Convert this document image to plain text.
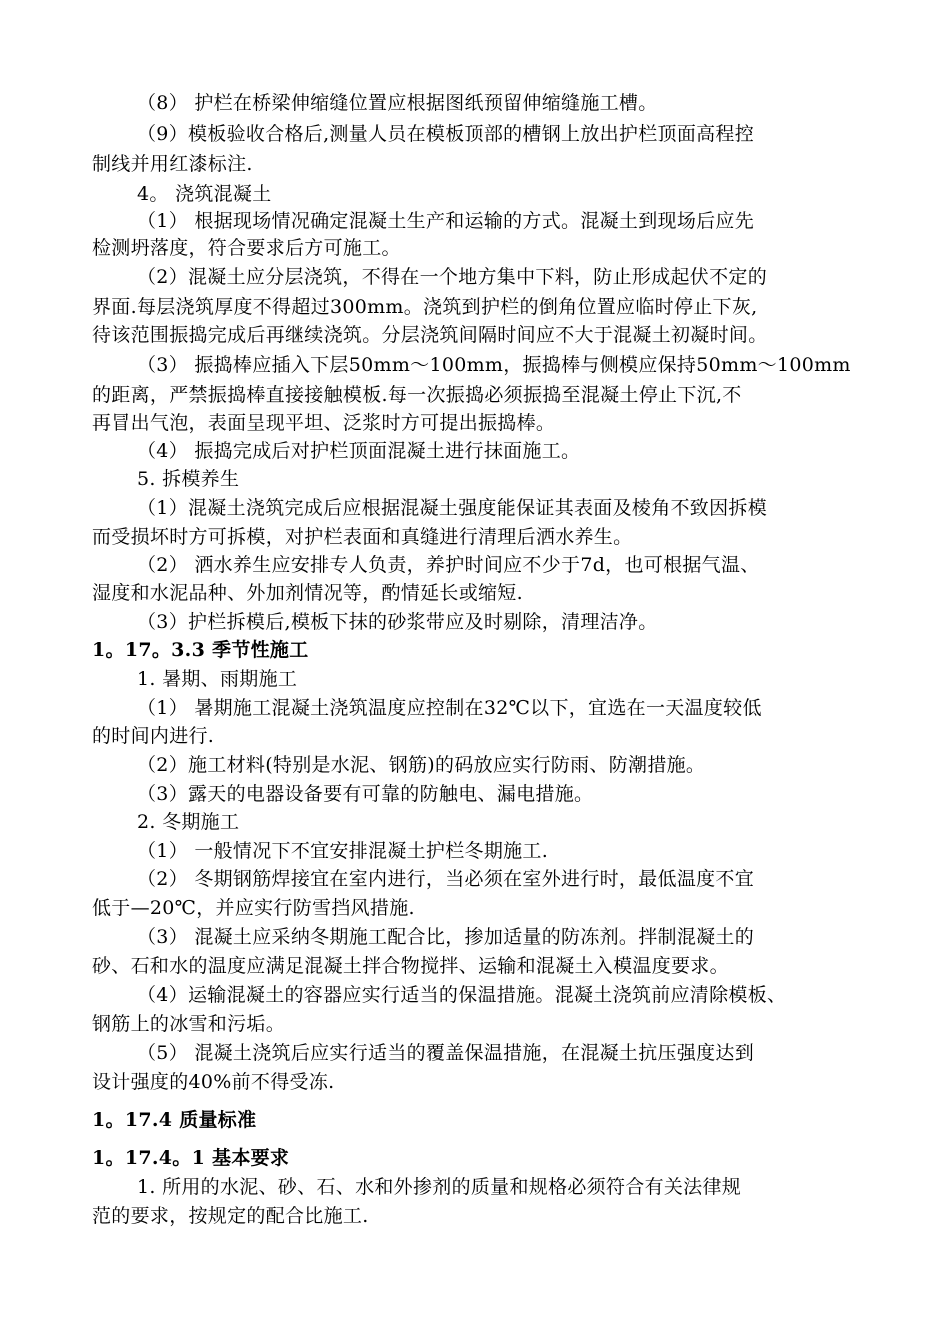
（8） 护栏在桥梁伸缩缝位置应根据图纸预留伸缩缝施工槽。
（9）模板验收合格后,测量人员在模板顶部的槽钢上放出护栏顶面高程控
制线并用红漆标注.
4。 浇筑混凝土
（1） 根据现场情况确定混凝土生产和运输的方式。混凝土到现场后应先
检测坍落度，符合要求后方可施工。
（2）混凝土应分层浇筑，不得在一个地方集中下料，防止形成起伏不定的
界面.每层浇筑厚度不得超过300mm。浇筑到护栏的倒角位置应临时停止下灰,
待该范围振捣完成后再继续浇筑。分层浇筑间隔时间应不大于混凝土初凝时间。
（3） 振捣棒应插入下层50mm～100mm，振捣棒与侧模应保持50mm～100mm
的距离，严禁振捣棒直接接触模板.每一次振捣必须振捣至混凝土停止下沉,不
再冒出气泡，表面呈现平坦、泛浆时方可提出振捣棒。
（4） 振捣完成后对护栏顶面混凝土进行抹面施工。
5. 拆模养生
（1）混凝土浇筑完成后应根据混凝土强度能保证其表面及棱角不致因拆模
而受损坏时方可拆模，对护栏表面和真缝进行清理后洒水养生。
（2） 洒水养生应安排专人负责，养护时间应不少于7d，也可根据气温、
湿度和水泥品种、外加剂情况等，酌情延长或缩短.
（3）护栏拆模后,模板下抹的砂浆带应及时剔除，清理洁净。
1。17。3.3 季节性施工
1. 暑期、雨期施工
（1） 暑期施工混凝土浇筑温度应控制在32℃以下，宜选在一天温度较低
的时间内进行.
（2）施工材料(特别是水泥、钢筋)的码放应实行防雨、防潮措施。
（3）露天的电器设备要有可靠的防触电、漏电措施。
2. 冬期施工
（1） 一般情况下不宜安排混凝土护栏冬期施工.
（2） 冬期钢筋焊接宜在室内进行，当必须在室外进行时，最低温度不宜
低于—20℃，并应实行防雪挡风措施.
（3） 混凝土应采纳冬期施工配合比，掺加适量的防冻剂。拌制混凝土的
砂、石和水的温度应满足混凝土拌合物搅拌、运输和混凝土入模温度要求。
（4）运输混凝土的容器应实行适当的保温措施。混凝土浇筑前应清除模板、
钢筋上的冰雪和污垢。
（5） 混凝土浇筑后应实行适当的覆盖保温措施，在混凝土抗压强度达到
设计强度的40%前不得受冻.
1。17.4 质量标准
1。17.4。1 基本要求
1. 所用的水泥、砂、石、水和外掺剂的质量和规格必须符合有关法律规
范的要求，按规定的配合比施工.
